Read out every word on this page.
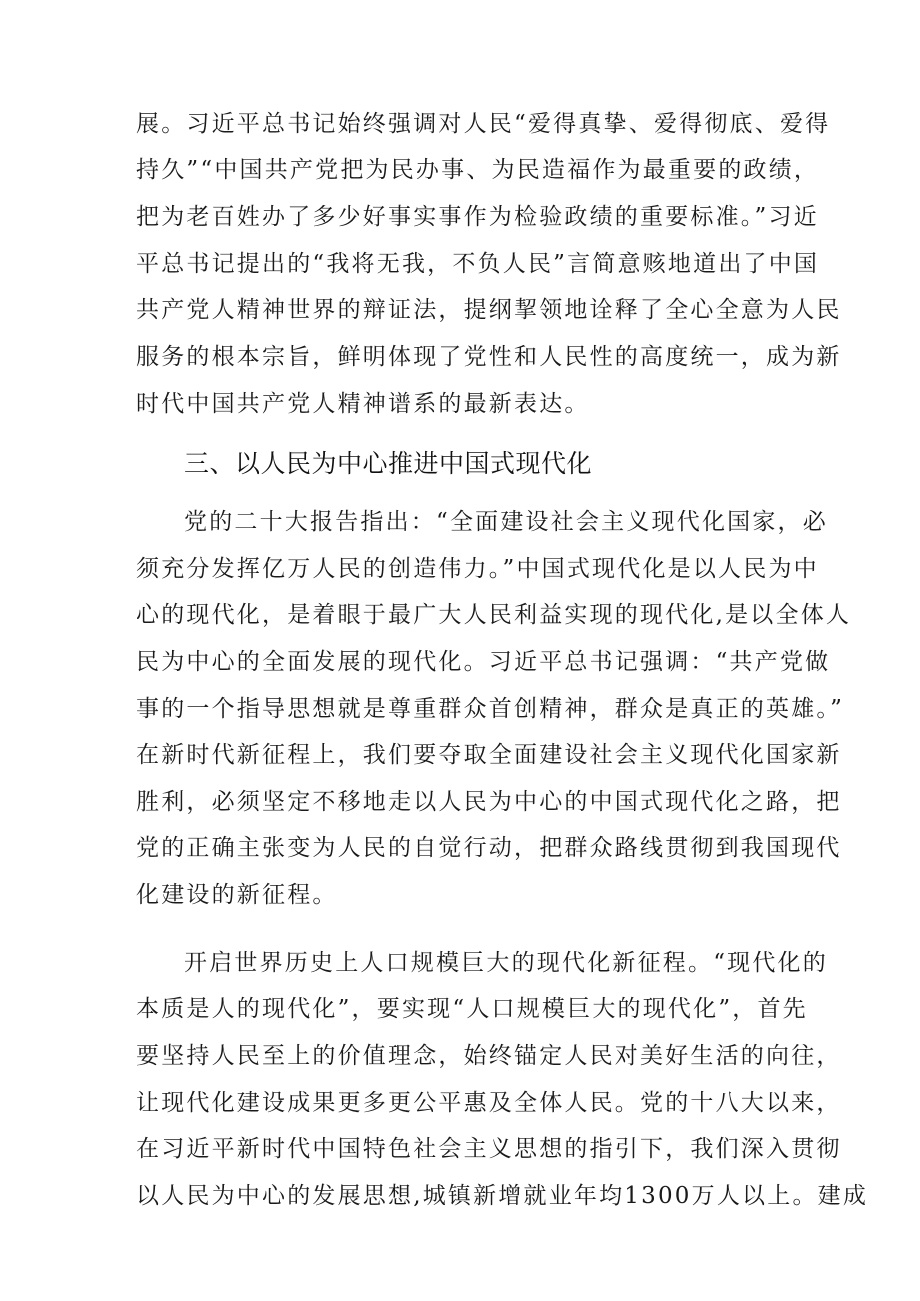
展。习近平总书记始终强调对人民“爱得真挚、爱得彻底、爱得
持久”“中国共产党把为民办事、为民造福作为最重要的政绩，
把为老百姓办了多少好事实事作为检验政绩的重要标准。”习近
平总书记提出的“我将无我，不负人民”言简意赅地道出了中国
共产党人精神世界的辩证法，提纲挈领地诠释了全心全意为人民
服务的根本宗旨，鲜明体现了党性和人民性的高度统一，成为新
时代中国共产党人精神谱系的最新表达。
三、以人民为中心推进中国式现代化
党的二十大报告指出：“全面建设社会主义现代化国家，必
须充分发挥亿万人民的创造伟力。”中国式现代化是以人民为中
心的现代化，是着眼于最广大人民利益实现的现代化,是以全体人
民为中心的全面发展的现代化。习近平总书记强调：“共产党做
事的一个指导思想就是尊重群众首创精神，群众是真正的英雄。”
在新时代新征程上，我们要夺取全面建设社会主义现代化国家新
胜利，必须坚定不移地走以人民为中心的中国式现代化之路，把
党的正确主张变为人民的自觉行动，把群众路线贯彻到我国现代
化建设的新征程。
开启世界历史上人口规模巨大的现代化新征程。“现代化的
本质是人的现代化”，要实现“人口规模巨大的现代化”，首先
要坚持人民至上的价值理念，始终锚定人民对美好生活的向往，
让现代化建设成果更多更公平惠及全体人民。党的十八大以来，
在习近平新时代中国特色社会主义思想的指引下，我们深入贯彻
以人民为中心的发展思想,城镇新增就业年均1300万人以上。建成
